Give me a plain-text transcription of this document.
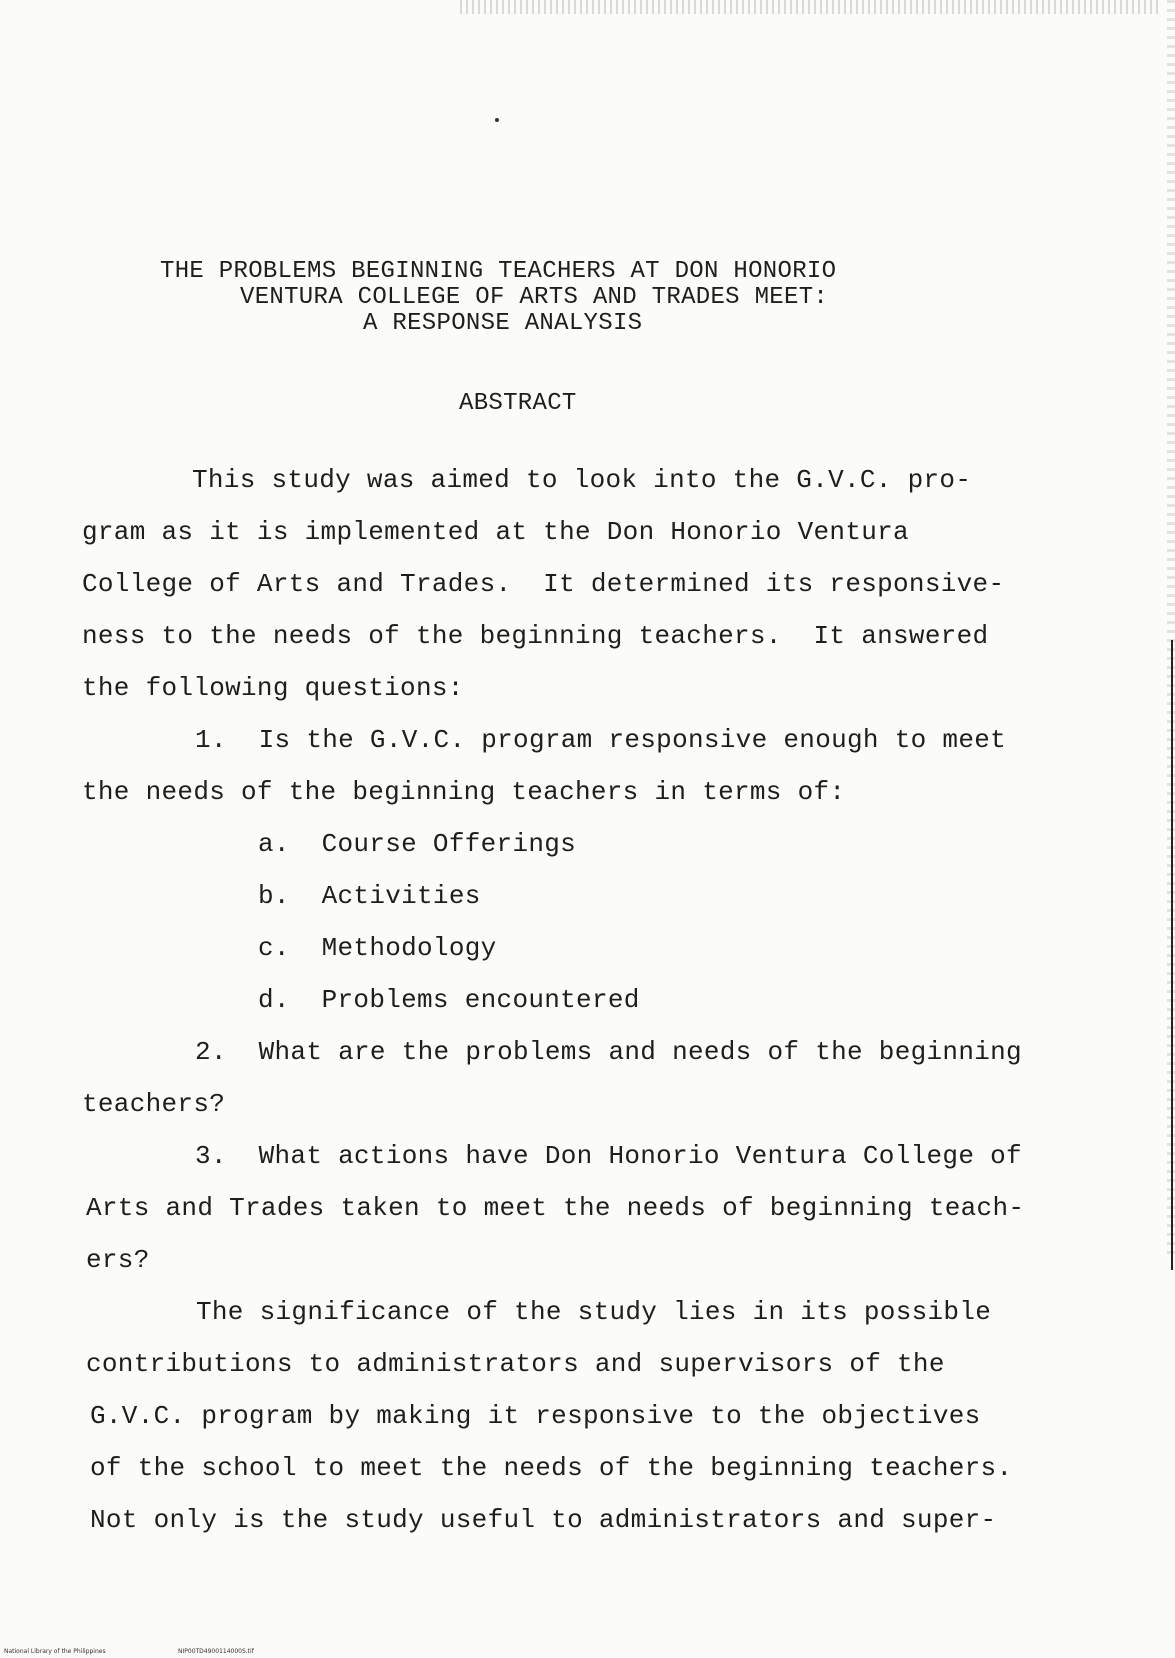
THE PROBLEMS BEGINNING TEACHERS AT DON HONORIO
VENTURA COLLEGE OF ARTS AND TRADES MEET:
A RESPONSE ANALYSIS
ABSTRACT
This study was aimed to look into the G.V.C. pro-
gram as it is implemented at the Don Honorio Ventura
College of Arts and Trades.  It determined its responsive-
ness to the needs of the beginning teachers.  It answered
the following questions:
1.  Is the G.V.C. program responsive enough to meet
the needs of the beginning teachers in terms of:
a.  Course Offerings
b.  Activities
c.  Methodology
d.  Problems encountered
2.  What are the problems and needs of the beginning
teachers?
3.  What actions have Don Honorio Ventura College of
Arts and Trades taken to meet the needs of beginning teach-
ers?
The significance of the study lies in its possible
contributions to administrators and supervisors of the
G.V.C. program by making it responsive to the objectives
of the school to meet the needs of the beginning teachers.
Not only is the study useful to administrators and super-
National Library of the Philippines	NIP00TD4900114000S.tif
